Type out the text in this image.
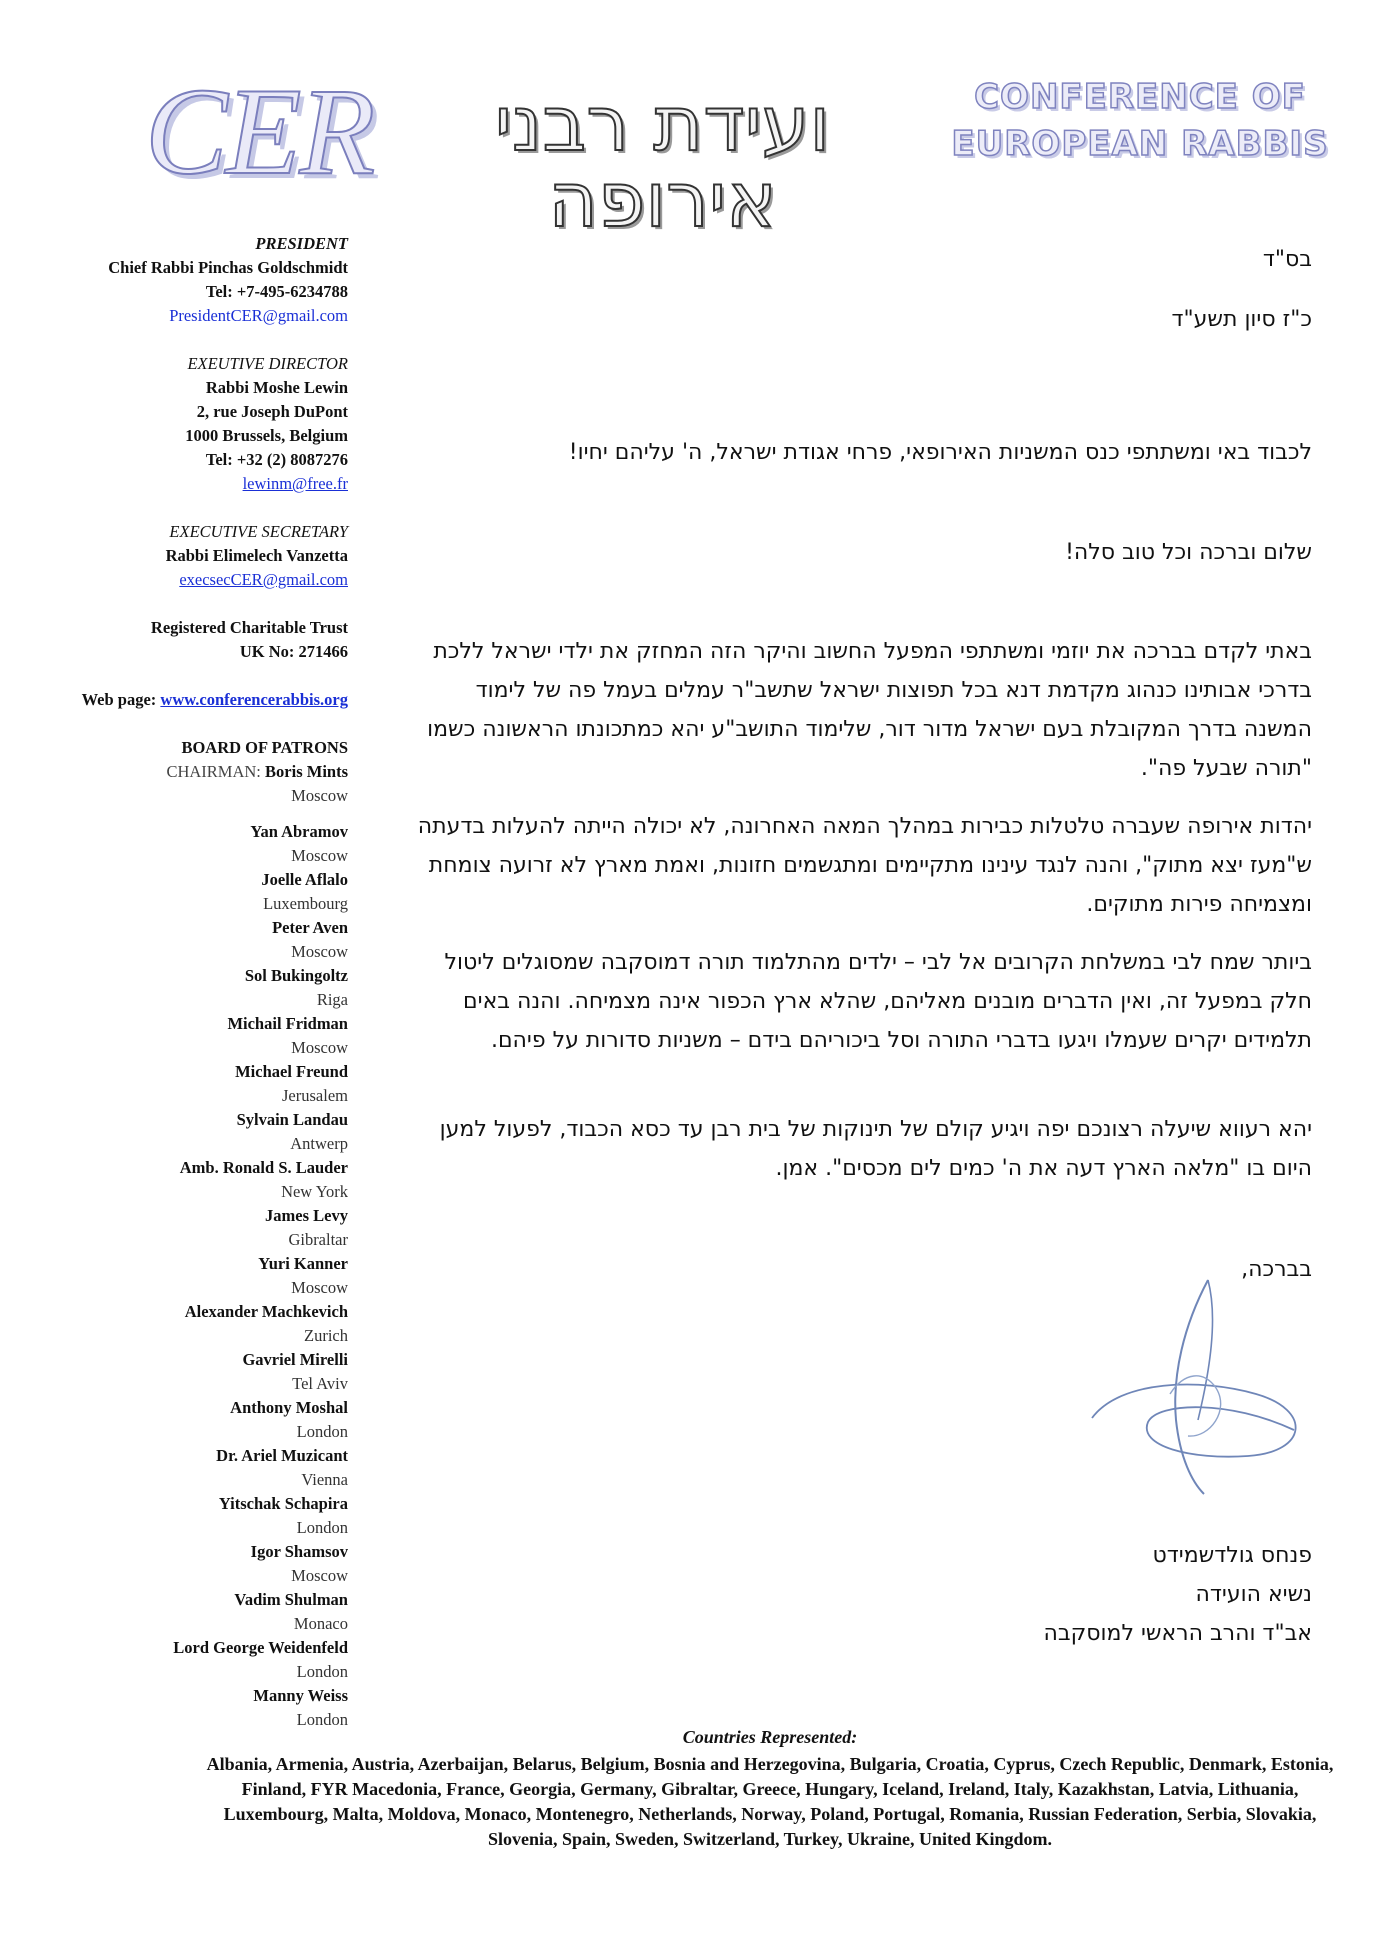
CER	ועידת רבני אירופה
CONFERENCE OF
EUROPEAN RABBIS
PRESIDENT
Chief Rabbi Pinchas Goldschmidt
Tel: +7-495-6234788
PresidentCER@gmail.com
EXEUTIVE DIRECTOR
Rabbi Moshe Lewin
2, rue Joseph DuPont
1000 Brussels, Belgium
Tel: +32 (2) 8087276
lewinm@free.fr
EXECUTIVE SECRETARY
Rabbi Elimelech Vanzetta
execsecCER@gmail.com
Registered Charitable Trust
UK No: 271466
Web page: www.conferencerabbis.org
BOARD OF PATRONS
CHAIRMAN: Boris Mints
Moscow
Yan Abramov
Moscow
Joelle Aflalo
Luxembourg
Peter Aven
Moscow
Sol Bukingoltz
Riga
Michail Fridman
Moscow
Michael Freund
Jerusalem
Sylvain Landau
Antwerp
Amb. Ronald S. Lauder
New York
James Levy
Gibraltar
Yuri Kanner
Moscow
Alexander Machkevich
Zurich
Gavriel Mirelli
Tel Aviv
Anthony Moshal
London
Dr. Ariel Muzicant
Vienna
Yitschak Schapira
London
Igor Shamsov
Moscow
Vadim Shulman
Monaco
Lord George Weidenfeld
London
Manny Weiss
London
בס"ד
כ"ז סיון תשע"ד
לכבוד באי ומשתתפי כנס המשניות האירופאי, פרחי אגודת ישראל, ה' עליהם יחיו!
שלום וברכה וכל טוב סלה!

באתי לקדם בברכה את יוזמי ומשתתפי המפעל החשוב והיקר הזה המחזק את ילדי ישראל ללכת בדרכי אבותינו כנהוג מקדמת דנא בכל תפוצות ישראל שתשב"ר עמלים בעמל פה של לימוד המשנה בדרך המקובלת בעם ישראל מדור דור, שלימוד התושב"ע יהא כמתכונתו הראשונה כשמו "תורה שבעל פה".

יהדות אירופה שעברה טלטלות כבירות במהלך המאה האחרונה, לא יכולה הייתה להעלות בדעתה ש"מעז יצא מתוק", והנה לנגד עינינו מתקיימים ומתגשמים חזונות, ואמת מארץ לא זרועה צומחת ומצמיחה פירות מתוקים.

ביותר שמח לבי במשלחת הקרובים אל לבי – ילדים מהתלמוד תורה דמוסקבה שמסוגלים ליטול חלק במפעל זה, ואין הדברים מובנים מאליהם, שהלא ארץ הכפור אינה מצמיחה. והנה באים תלמידים יקרים שעמלו ויגעו בדברי התורה וסל ביכוריהם בידם – משניות סדורות על פיהם.

יהא רעווא שיעלה רצונכם יפה ויגיע קולם של תינוקות של בית רבן עד כסא הכבוד, לפעול למען היום בו "מלאה הארץ דעה את ה' כמים לים מכסים". אמן.

בברכה,
פנחס גולדשמידט
נשיא הועידה
אב"ד והרב הראשי למוסקבה
Countries Represented:
Albania, Armenia, Austria, Azerbaijan, Belarus, Belgium, Bosnia and Herzegovina, Bulgaria, Croatia, Cyprus, Czech Republic, Denmark, Estonia, Finland, FYR Macedonia, France, Georgia, Germany, Gibraltar, Greece, Hungary, Iceland, Ireland, Italy, Kazakhstan, Latvia, Lithuania, Luxembourg, Malta, Moldova, Monaco, Montenegro, Netherlands, Norway, Poland, Portugal, Romania, Russian Federation, Serbia, Slovakia, Slovenia, Spain, Sweden, Switzerland, Turkey, Ukraine, United Kingdom.
